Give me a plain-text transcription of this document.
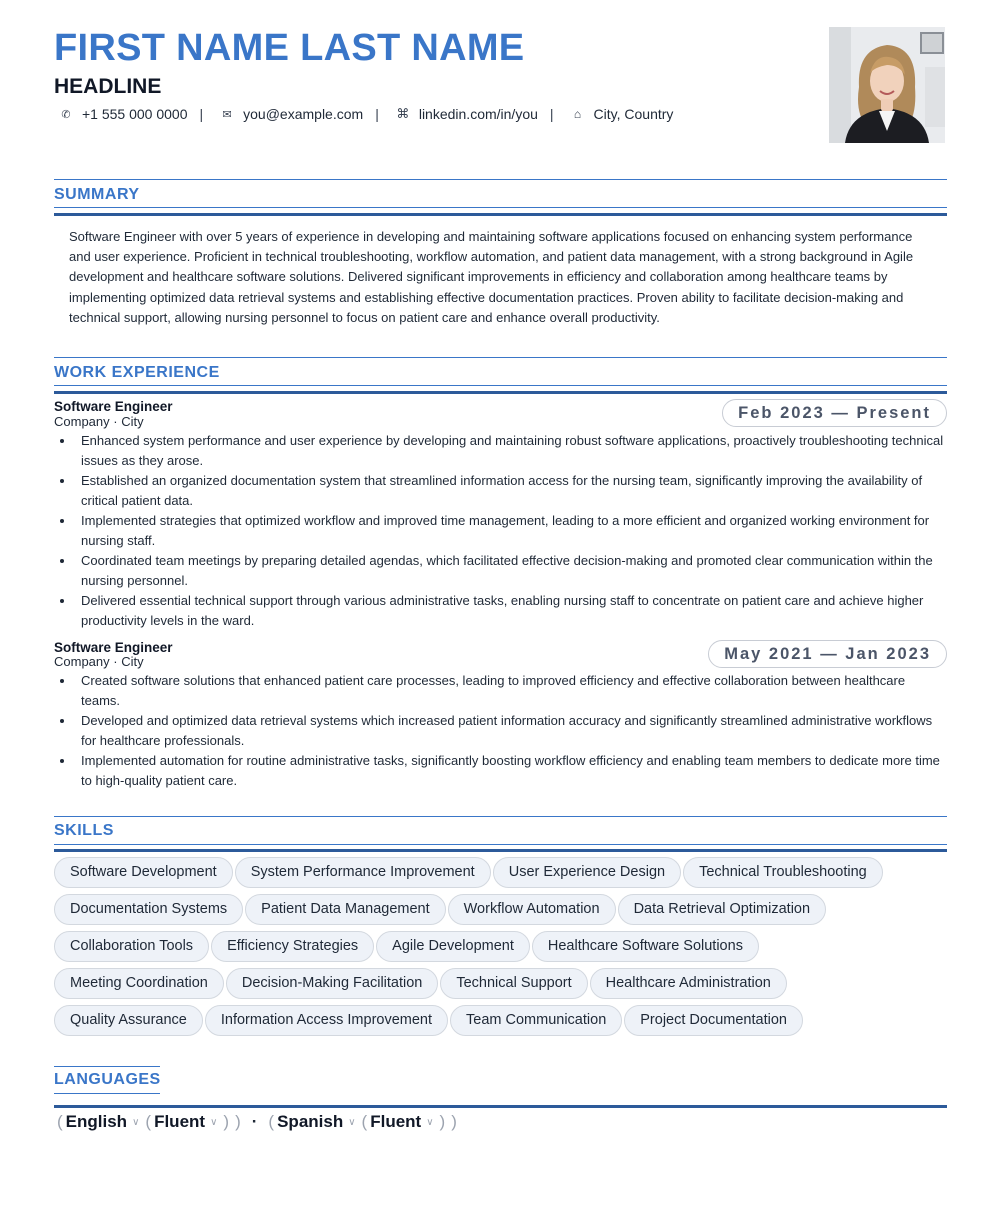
FIRST NAME LAST NAME
HEADLINE
✆ +1 555 000 0000 |	✉ you@example.com | ⌘ linkedin.com/in/you |	⌂ City, Country
SUMMARY
Software Engineer with over 5 years of experience in developing and maintaining software applications focused on enhancing system performance and user experience. Proficient in technical troubleshooting, workflow automation, and patient data management, with a strong background in Agile development and healthcare software solutions. Delivered significant improvements in efficiency and collaboration among healthcare teams by implementing optimized data retrieval systems and establishing effective documentation practices. Proven ability to facilitate decision-making and technical support, allowing nursing personnel to focus on patient care and enhance overall productivity.
WORK EXPERIENCE
Software Engineer
Company · City	Feb 2023 — Present
Enhanced system performance and user experience by developing and maintaining robust software applications, proactively troubleshooting technical issues as they arose.
Established an organized documentation system that streamlined information access for the nursing team, significantly improving the availability of critical patient data.
Implemented strategies that optimized workflow and improved time management, leading to a more efficient and organized working environment for nursing staff.
Coordinated team meetings by preparing detailed agendas, which facilitated effective decision-making and promoted clear communication within the nursing personnel.
Delivered essential technical support through various administrative tasks, enabling nursing staff to concentrate on patient care and achieve higher productivity levels in the ward.
Software Engineer
Company · City	May 2021 — Jan 2023
Created software solutions that enhanced patient care processes, leading to improved efficiency and effective collaboration between healthcare teams.
Developed and optimized data retrieval systems which increased patient information accuracy and significantly streamlined administrative workflows for healthcare professionals.
Implemented automation for routine administrative tasks, significantly boosting workflow efficiency and enabling team members to dedicate more time to high-quality patient care.
SKILLS
Software Development	System Performance Improvement	User Experience Design	Technical Troubleshooting
Documentation Systems	Patient Data Management	Workflow Automation	Data Retrieval Optimization
Collaboration Tools	Efficiency Strategies	Agile Development	Healthcare Software Solutions
Meeting Coordination	Decision-Making Facilitation	Technical Support	Healthcare Administration
Quality Assurance	Information Access Improvement	Team Communication	Project Documentation
LANGUAGES
( English ∨ ( Fluent ∨ ) ) · ( Spanish ∨ ( Fluent ∨ ) )
